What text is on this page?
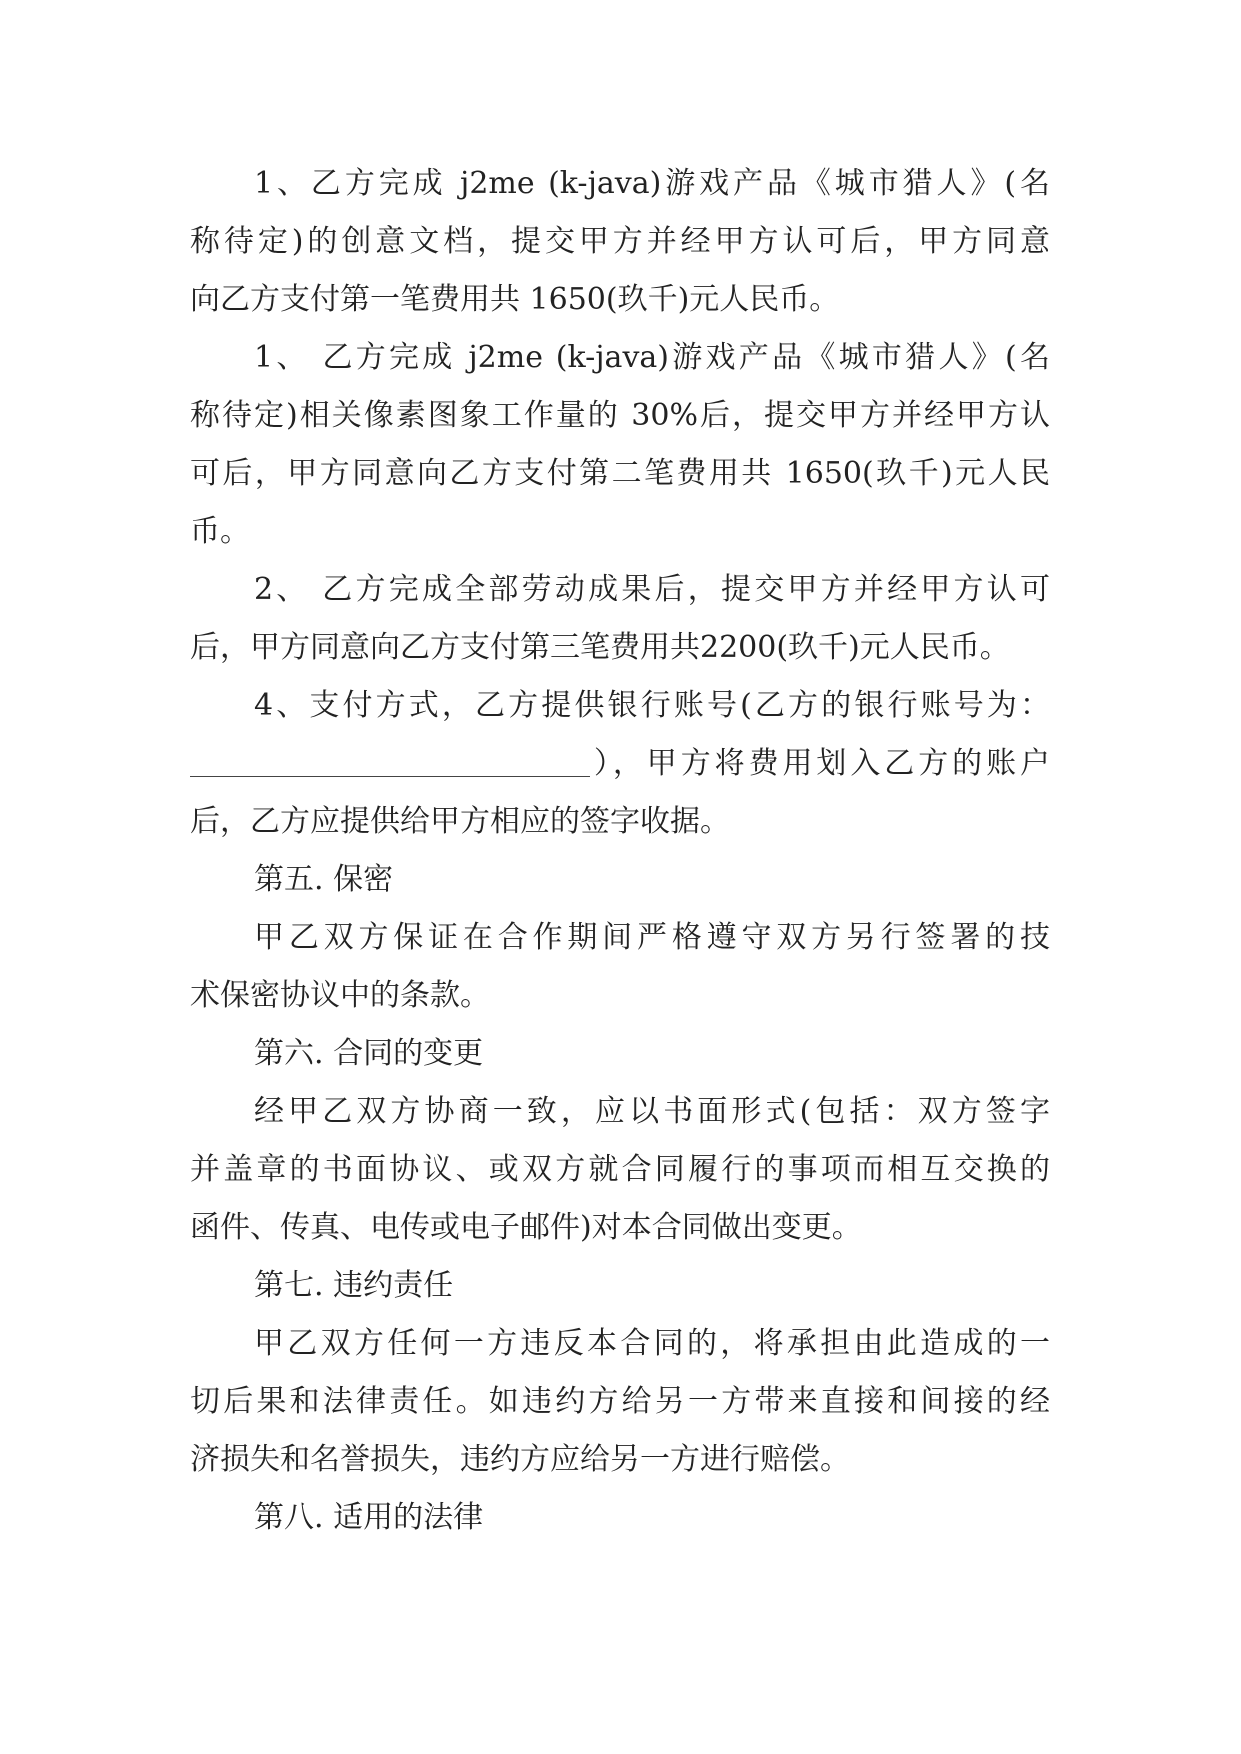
1、乙方完成 j2me (k-java)游戏产品《城市猎人》(名
称待定)的创意文档，提交甲方并经甲方认可后，甲方同意
向乙方支付第一笔费用共 1650(玖千)元人民币。
1、 乙方完成 j2me (k-java)游戏产品《城市猎人》(名
称待定)相关像素图象工作量的 30%后，提交甲方并经甲方认
可后，甲方同意向乙方支付第二笔费用共 1650(玖千)元人民
币。
2、 乙方完成全部劳动成果后，提交甲方并经甲方认可
后，甲方同意向乙方支付第三笔费用共2200(玖千)元人民币。
4、支付方式，乙方提供银行账号(乙方的银行账号为：
），甲方将费用划入乙方的账户
后，乙方应提供给甲方相应的签字收据。
第五. 保密
甲乙双方保证在合作期间严格遵守双方另行签署的技
术保密协议中的条款。
第六. 合同的变更
经甲乙双方协商一致，应以书面形式(包括：双方签字
并盖章的书面协议、或双方就合同履行的事项而相互交换的
函件、传真、电传或电子邮件)对本合同做出变更。
第七. 违约责任
甲乙双方任何一方违反本合同的，将承担由此造成的一
切后果和法律责任。如违约方给另一方带来直接和间接的经
济损失和名誉损失，违约方应给另一方进行赔偿。
第八. 适用的法律
